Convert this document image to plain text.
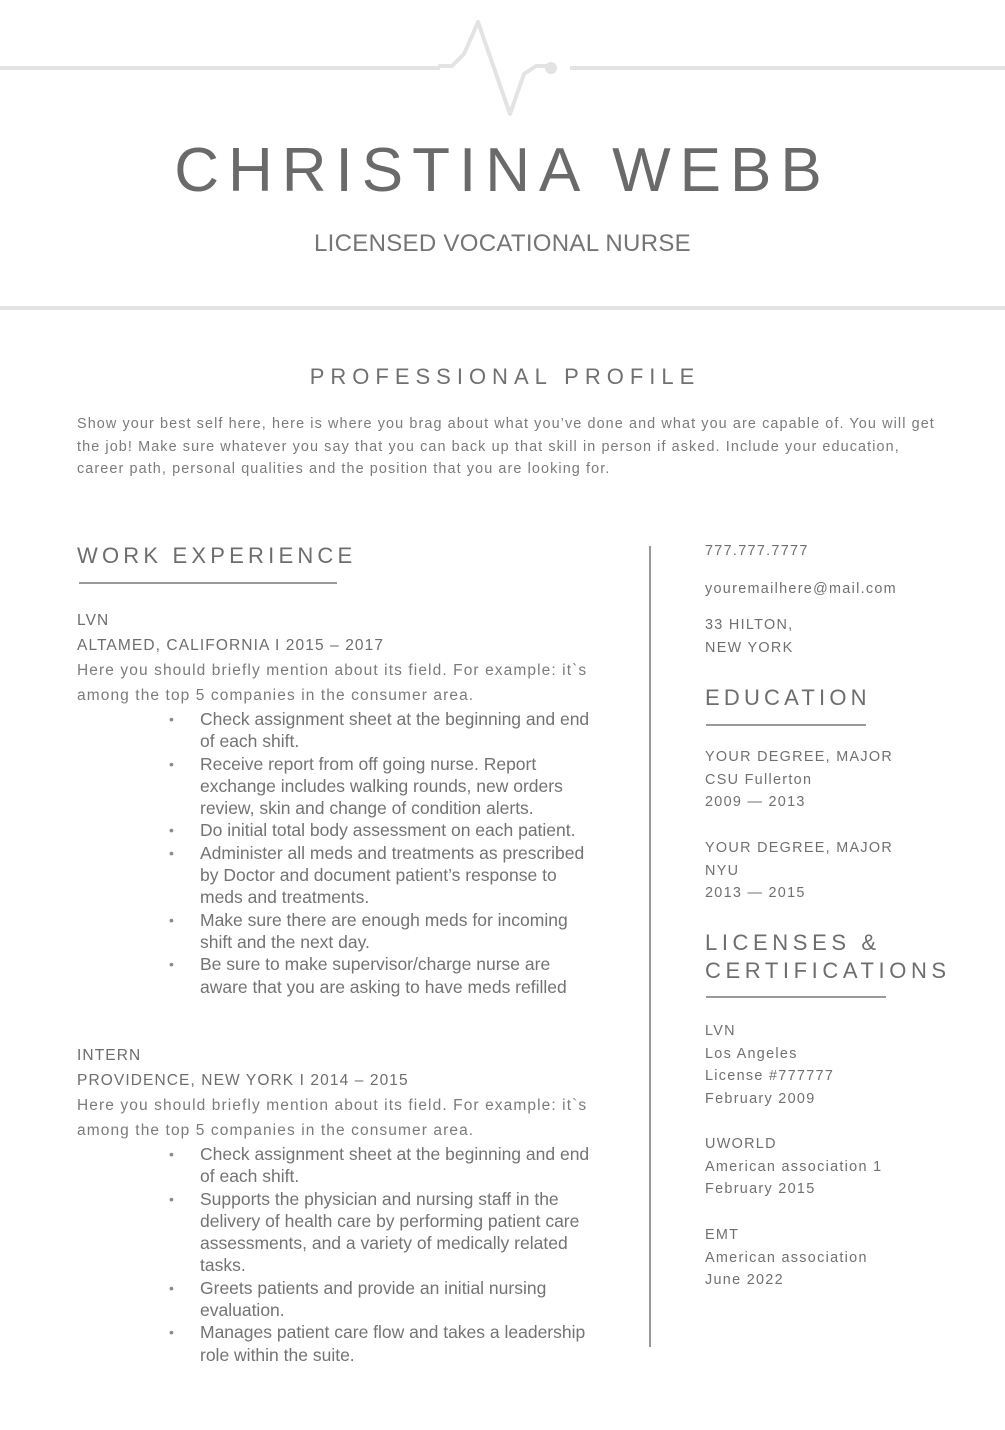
CHRISTINA WEBB
LICENSED VOCATIONAL NURSE
PROFESSIONAL PROFILE
Show your best self here, here is where you brag about what you’ve done and what you are capable of. You will get the job! Make sure whatever you say that you can back up that skill in person if asked. Include your education, career path, personal qualities and the position that you are looking for.
WORK EXPERIENCE
LVN
ALTAMED, CALIFORNIA I 2015 – 2017
Here you should briefly mention about its field. For example: it`s among the top 5 companies in the consumer area.
• Check assignment sheet at the beginning and end of each shift.
• Receive report from off going nurse. Report exchange includes walking rounds, new orders review, skin and change of condition alerts.
• Do initial total body assessment on each patient.
• Administer all meds and treatments as prescribed by Doctor and document patient’s response to meds and treatments.
• Make sure there are enough meds for incoming shift and the next day.
• Be sure to make supervisor/charge nurse are aware that you are asking to have meds refilled
INTERN
PROVIDENCE, NEW YORK I 2014 – 2015
Here you should briefly mention about its field. For example: it`s among the top 5 companies in the consumer area.
• Check assignment sheet at the beginning and end of each shift.
• Supports the physician and nursing staff in the delivery of health care by performing patient care assessments, and a variety of medically related tasks.
• Greets patients and provide an initial nursing evaluation.
• Manages patient care flow and takes a leadership role within the suite.
777.777.7777
youremailhere@mail.com
33 HILTON,
NEW YORK
EDUCATION
YOUR DEGREE, MAJOR
CSU Fullerton
2009 — 2013
YOUR DEGREE, MAJOR
NYU
2013 — 2015
LICENSES &
CERTIFICATIONS
LVN
Los Angeles
License #777777
February 2009
UWORLD
American association 1
February 2015
EMT
American association
June 2022
